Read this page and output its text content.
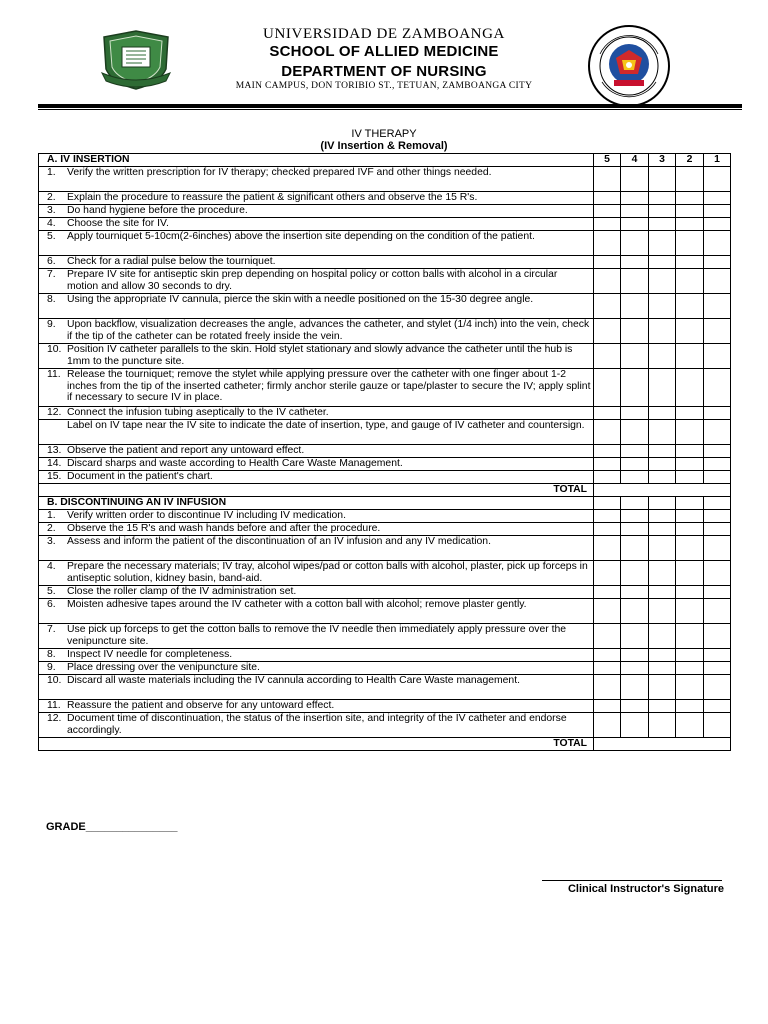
UNIVERSIDAD DE ZAMBOANGA
SCHOOL OF ALLIED MEDICINE
DEPARTMENT OF NURSING
MAIN CAMPUS, DON TORIBIO ST., TETUAN, ZAMBOANGA CITY
IV THERAPY
(IV Insertion & Removal)
A. IV INSERTION	5	4	3	2	1
1. Verify the written prescription for IV therapy; checked prepared IVF and other things needed.					
2. Explain the procedure to reassure the patient & significant others and observe the 15 R's.					
3. Do hand hygiene before the procedure.					
4. Choose the site for IV.					
5. Apply tourniquet 5-10cm(2-6inches) above the insertion site depending on the condition of the patient.					
6. Check for a radial pulse below the tourniquet.					
7. Prepare IV site for antiseptic skin prep depending on hospital policy or cotton balls with alcohol in a circular motion and allow 30 seconds to dry.					
8. Using the appropriate IV cannula, pierce the skin with a needle positioned on the 15-30 degree angle.					
9. Upon backflow, visualization decreases the angle, advances the catheter, and stylet (1/4 inch) into the vein, check if the tip of the catheter can be rotated freely inside the vein.					
10. Position IV catheter parallels to the skin. Hold stylet stationary and slowly advance the catheter until the hub is 1mm to the puncture site.					
11. Release the tourniquet; remove the stylet while applying pressure over the catheter with one finger about 1-2 inches from the tip of the inserted catheter; firmly anchor sterile gauze or tape/plaster to secure the IV; apply splint if necessary to secure IV in place.					
12. Connect the infusion tubing aseptically to the IV catheter.					
Label on IV tape near the IV site to indicate the date of insertion, type, and gauge of IV catheter and countersign.					
13. Observe the patient and report any untoward effect.					
14. Discard sharps and waste according to Health Care Waste Management.					
15. Document in the patient's chart.					
TOTAL					
B. DISCONTINUING AN IV INFUSION					
1. Verify written order to discontinue IV including IV medication.					
2. Observe the 15 R's and wash hands before and after the procedure.					
3. Assess and inform the patient of the discontinuation of an IV infusion and any IV medication.					
4. Prepare the necessary materials; IV tray, alcohol wipes/pad or cotton balls with alcohol, plaster, pick up forceps in antiseptic solution, kidney basin, band-aid.					
5. Close the roller clamp of the IV administration set.					
6. Moisten adhesive tapes around the IV catheter with a cotton ball with alcohol; remove plaster gently.					
7. Use pick up forceps to get the cotton balls to remove the IV needle then immediately apply pressure over the venipuncture site.					
8. Inspect IV needle for completeness.					
9. Place dressing over the venipuncture site.					
10. Discard all waste materials including the IV cannula according to Health Care Waste management.					
11. Reassure the patient and observe for any untoward effect.					
12. Document time of discontinuation, the status of the insertion site, and integrity of the IV catheter and endorse accordingly.					
TOTAL					
GRADE_______________
Clinical Instructor's Signature
